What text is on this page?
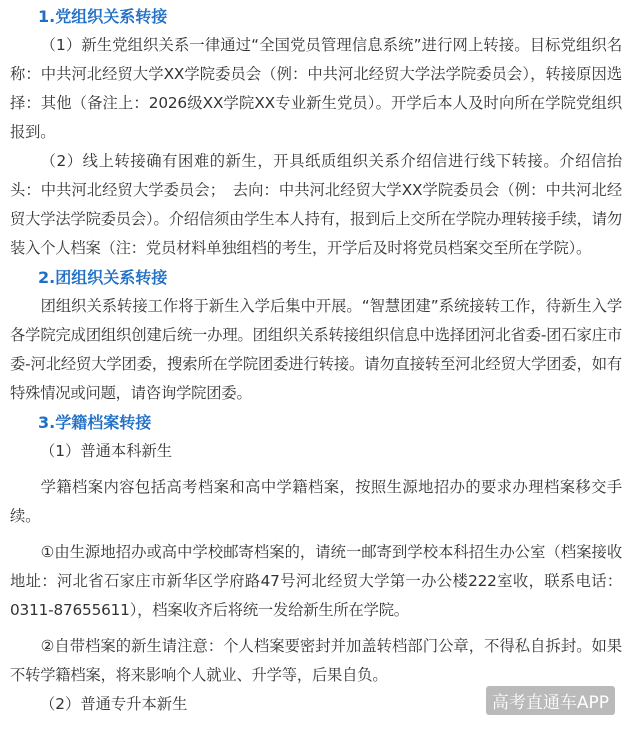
1.党组织关系转接

（1）新生党组织关系一律通过“全国党员管理信息系统”进行网上转接。目标党组织名称：中共河北经贸大学XX学院委员会（例：中共河北经贸大学法学院委员会），转接原因选择：其他（备注上：2026级XX学院XX专业新生党员）。开学后本人及时向所在学院党组织报到。

（2）线上转接确有困难的新生，开具纸质组织关系介绍信进行线下转接。介绍信抬头：中共河北经贸大学委员会；　去向：中共河北经贸大学XX学院委员会（例：中共河北经贸大学法学院委员会）。介绍信须由学生本人持有，报到后上交所在学院办理转接手续，请勿装入个人档案（注：党员材料单独组档的考生，开学后及时将党员档案交至所在学院）。

2.团组织关系转接

团组织关系转接工作将于新生入学后集中开展。“智慧团建”系统接转工作，待新生入学各学院完成团组织创建后统一办理。团组织关系转接组织信息中选择团河北省委-团石家庄市委-河北经贸大学团委，搜索所在学院团委进行转接。请勿直接转至河北经贸大学团委，如有特殊情况或问题，请咨询学院团委。

3.学籍档案转接
（1）普通本科新生

学籍档案内容包括高考档案和高中学籍档案，按照生源地招办的要求办理档案移交手续。

①由生源地招办或高中学校邮寄档案的，请统一邮寄到学校本科招生办公室（档案接收地址：河北省石家庄市新华区学府路47号河北经贸大学第一办公楼222室收，联系电话：0311-87655611），档案收齐后将统一发给新生所在学院。

②自带档案的新生请注意：个人档案要密封并加盖转档部门公章，不得私自拆封。如果不转学籍档案，将来影响个人就业、升学等，后果自负。

（2）普通专升本新生	高考直通车APP
